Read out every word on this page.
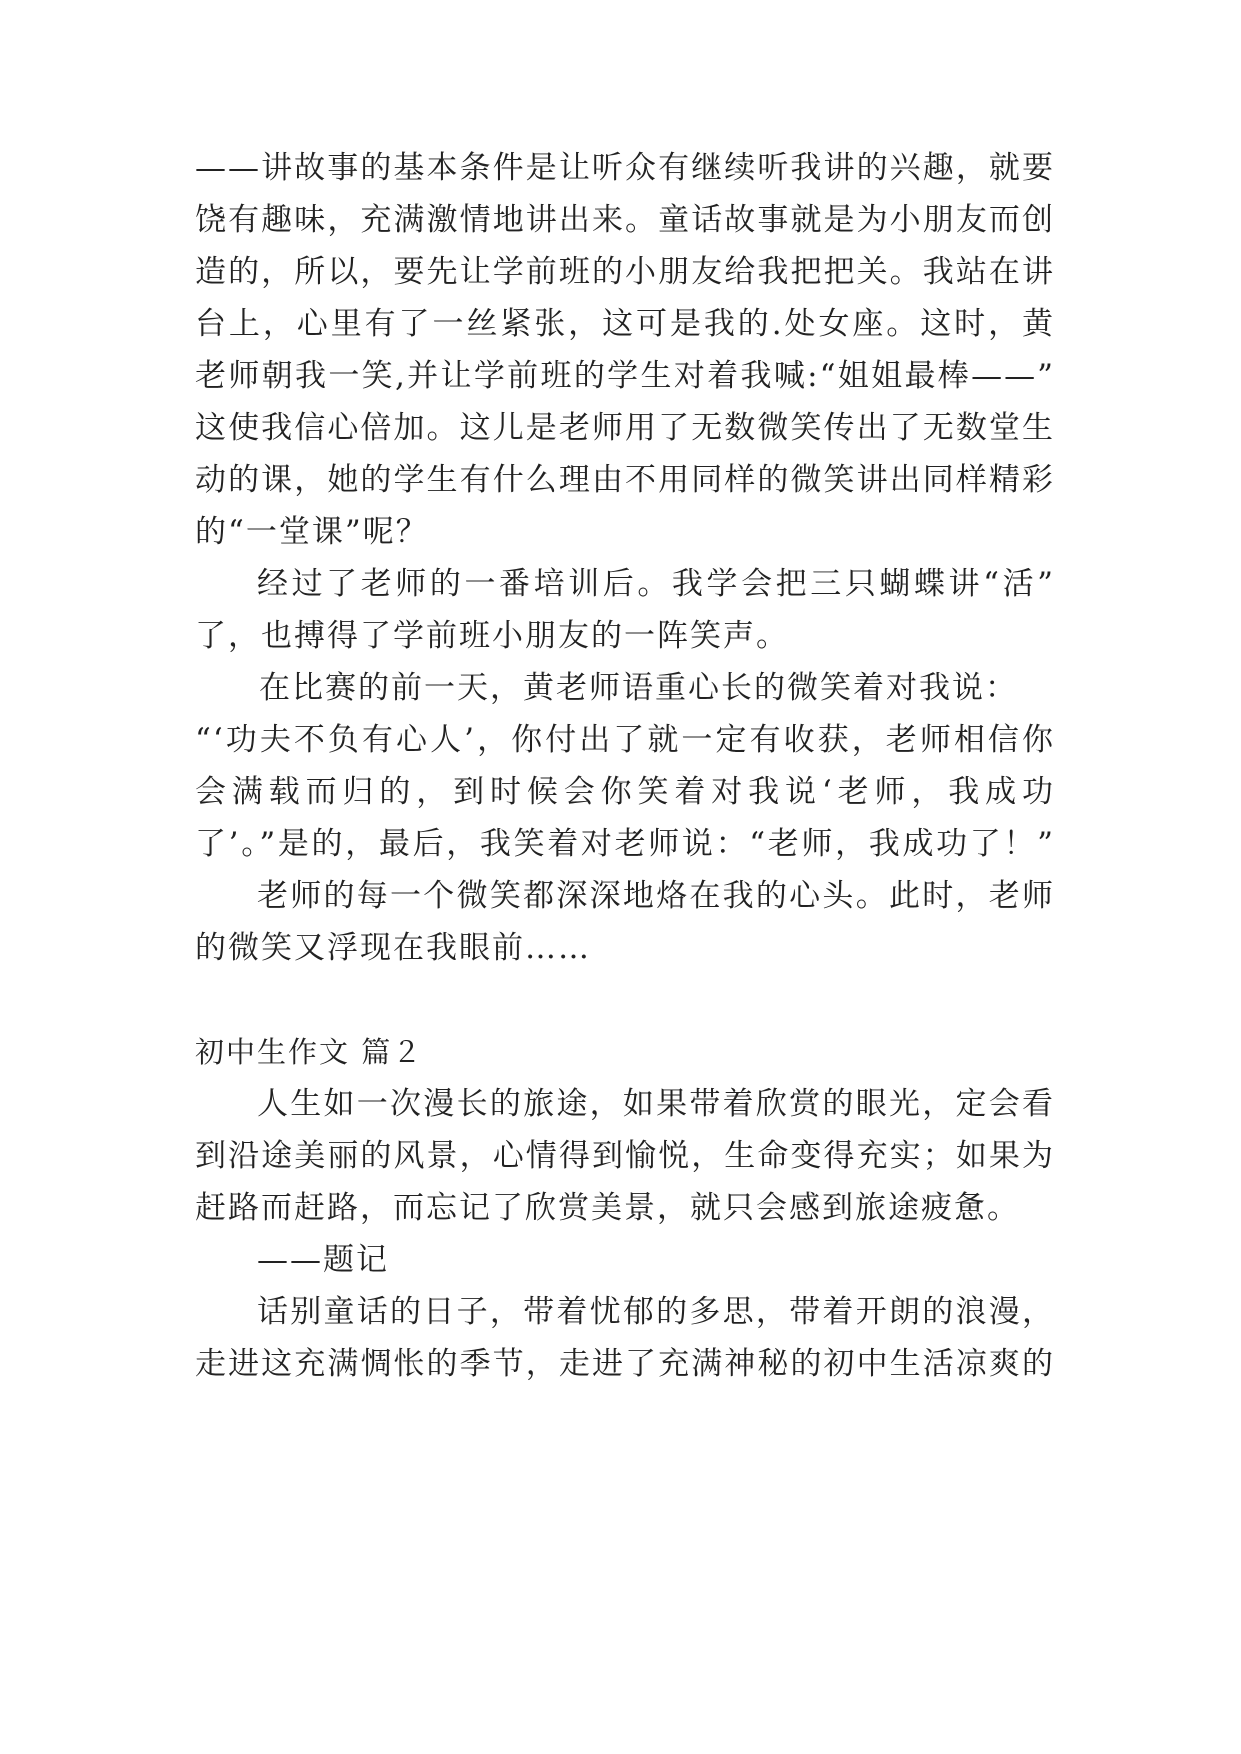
——讲故事的基本条件是让听众有继续听我讲的兴趣，就要
饶有趣味，充满激情地讲出来。童话故事就是为小朋友而创
造的，所以，要先让学前班的小朋友给我把把关。我站在讲
台上，心里有了一丝紧张，这可是我的.处女座。这时，黄
老师朝我一笑,并让学前班的学生对着我喊:“姐姐最棒——”
这使我信心倍加。这儿是老师用了无数微笑传出了无数堂生
动的课，她的学生有什么理由不用同样的微笑讲出同样精彩
的“一堂课”呢？
经过了老师的一番培训后。我学会把三只蝴蝶讲“活”
了，也搏得了学前班小朋友的一阵笑声。
在比赛的前一天，黄老师语重心长的微笑着对我说：
“‘功夫不负有心人’，你付出了就一定有收获，老师相信你
会满载而归的，到时候会你笑着对我说‘老师，我成功
了’。”是的，最后，我笑着对老师说：“老师，我成功了！”
老师的每一个微笑都深深地烙在我的心头。此时，老师
的微笑又浮现在我眼前……
初中生作文 篇２
人生如一次漫长的旅途，如果带着欣赏的眼光，定会看
到沿途美丽的风景，心情得到愉悦，生命变得充实；如果为
赶路而赶路，而忘记了欣赏美景，就只会感到旅途疲惫。
——题记
话别童话的日子，带着忧郁的多思，带着开朗的浪漫，
走进这充满惆怅的季节，走进了充满神秘的初中生活凉爽的
